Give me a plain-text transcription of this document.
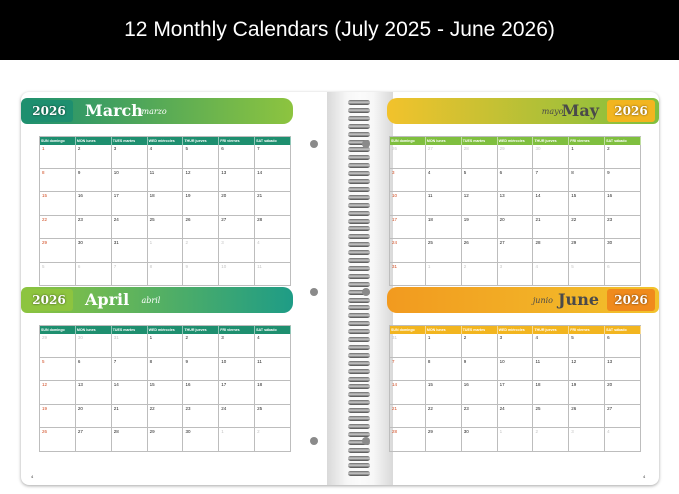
12 Monthly Calendars (July 2025 - June 2026)
2026	March
marzo
SUN domingo	MON lunes	TUES martes	WED miércoles	THUR jueves	FRI viernes	SAT sábado
1	2	3	4	5	6	7
8	9	10	11	12	13	14
15	16	17	18	19	20	21
22	23	24	25	26	27	28
29	30	31	1	2	3	4
5	6	7	8	9	10	11
2026
May
mayo
SUN domingo	MON lunes	TUES martes	WED miércoles	THUR jueves	FRI viernes	SAT sábado
26	27	28	29	30	1	2
3	4	5	6	7	8	9
10	11	12	13	14	15	16
17	18	19	20	21	22	23
24	25	26	27	28	29	30
31	1	2	3	4	5	6
2026	April abril
SUN domingo	MON lunes	TUES martes	WED miércoles	THUR jueves	FRI viernes	SAT sábado
29	30	31	1	2	3	4
5	6	7	8	9	10	11
12	13	14	15	16	17	18
19	20	21	22	23	24	25
26	27	28	29	30	1	2
2026
June
junio
SUN domingo	MON lunes	TUES martes	WED miércoles	THUR jueves	FRI viernes	SAT sábado
31	1	2	3	4	5	6
7	8	9	10	11	12	13
14	15	16	17	18	19	20
21	22	23	24	25	26	27
28	29	30	1	2	3	4
4	4
